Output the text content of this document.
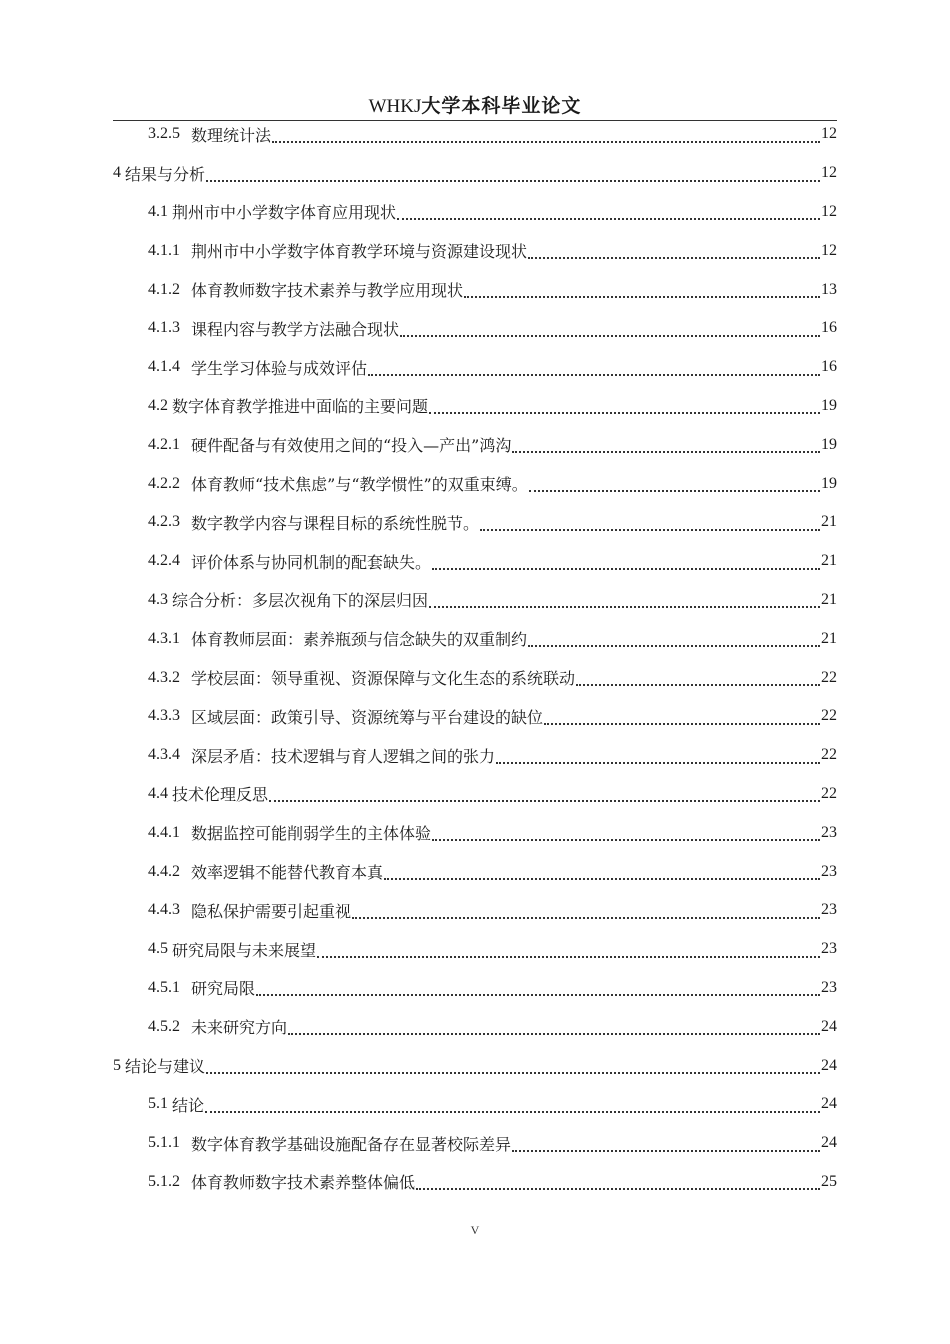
WHKJ大学本科毕业论文
3.2.5 数理统计法	12
4 结果与分析	12
4.1 荆州市中小学数字体育应用现状	12
4.1.1 荆州市中小学数字体育教学环境与资源建设现状	12
4.1.2 体育教师数字技术素养与教学应用现状	13
4.1.3 课程内容与教学方法融合现状	16
4.1.4 学生学习体验与成效评估	16
4.2 数字体育教学推进中面临的主要问题	19
4.2.1 硬件配备与有效使用之间的“投入—产出”鸿沟	19
4.2.2 体育教师“技术焦虑”与“教学惯性”的双重束缚。	19
4.2.3 数字教学内容与课程目标的系统性脱节。	21
4.2.4 评价体系与协同机制的配套缺失。	21
4.3 综合分析：多层次视角下的深层归因	21
4.3.1 体育教师层面：素养瓶颈与信念缺失的双重制约	21
4.3.2 学校层面：领导重视、资源保障与文化生态的系统联动	22
4.3.3 区域层面：政策引导、资源统筹与平台建设的缺位	22
4.3.4 深层矛盾：技术逻辑与育人逻辑之间的张力	22
4.4 技术伦理反思	22
4.4.1 数据监控可能削弱学生的主体体验	23
4.4.2 效率逻辑不能替代教育本真	23
4.4.3 隐私保护需要引起重视	23
4.5 研究局限与未来展望	23
4.5.1 研究局限	23
4.5.2 未来研究方向	24
5 结论与建议	24
5.1 结论	24
5.1.1 数字体育教学基础设施配备存在显著校际差异	24
5.1.2 体育教师数字技术素养整体偏低	25
V
